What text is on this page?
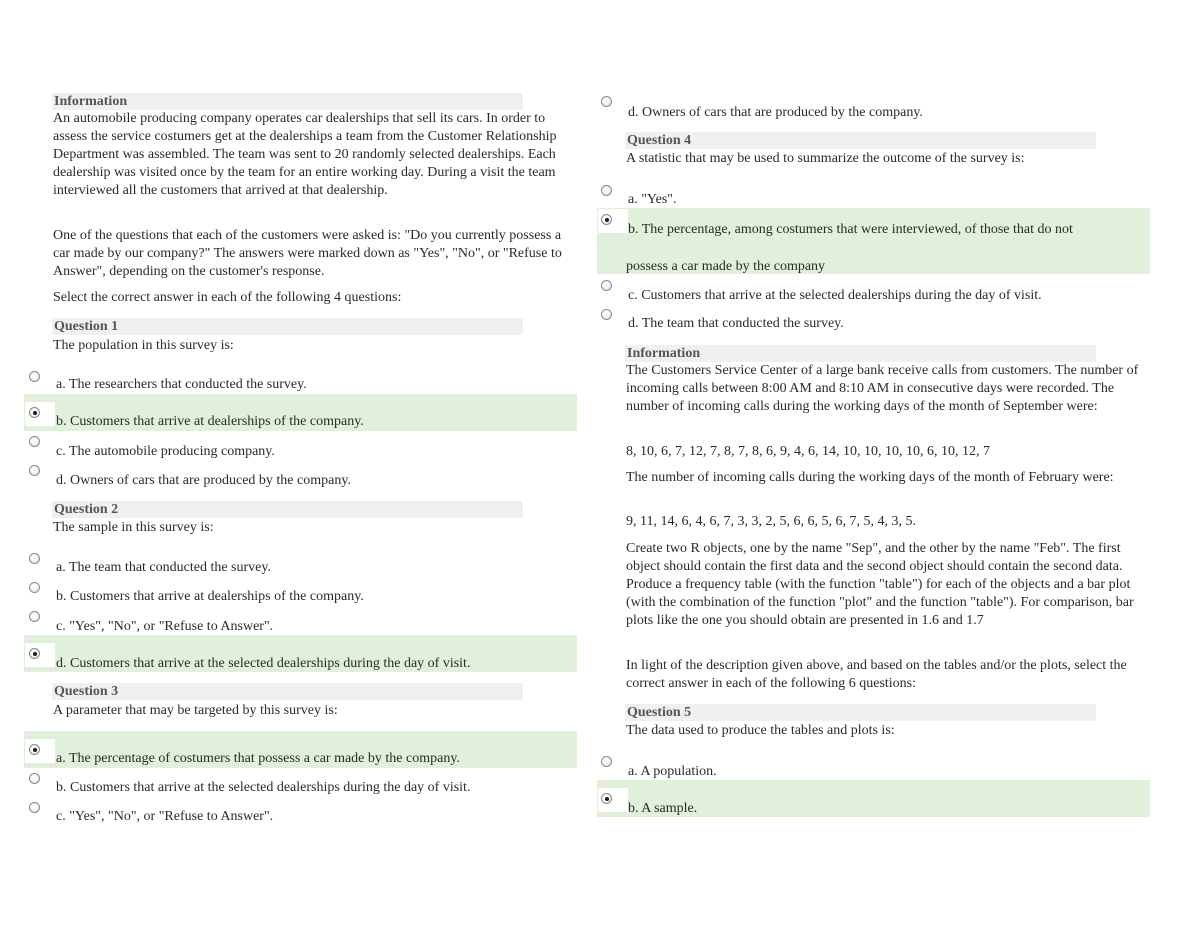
Information
An automobile producing company operates car dealerships that sell its cars. In order to assess the service costumers get at the dealerships a team from the Customer Relationship Department was assembled. The team was sent to 20 randomly selected dealerships. Each dealership was visited once by the team for an entire working day. During a visit the team interviewed all the customers that arrived at that dealership.
One of the questions that each of the customers were asked is: "Do you currently possess a car made by our company?" The answers were marked down as "Yes", "No", or "Refuse to Answer", depending on the customer's response.
Select the correct answer in each of the following 4 questions:
Question 1
The population in this survey is:
a. The researchers that conducted the survey.
b. Customers that arrive at dealerships of the company.
c. The automobile producing company.
d. Owners of cars that are produced by the company.
Question 2
The sample in this survey is:
a. The team that conducted the survey.
b. Customers that arrive at dealerships of the company.
c. "Yes", "No", or "Refuse to Answer".
d. Customers that arrive at the selected dealerships during the day of visit.
Question 3
A parameter that may be targeted by this survey is:
a. The percentage of costumers that possess a car made by the company.
b. Customers that arrive at the selected dealerships during the day of visit.
c. "Yes", "No", or "Refuse to Answer".
d. Owners of cars that are produced by the company.
Question 4
A statistic that may be used to summarize the outcome of the survey is:
a. "Yes".
b. The percentage, among costumers that were interviewed, of those that do not
possess a car made by the company
c. Customers that arrive at the selected dealerships during the day of visit.
d. The team that conducted the survey.
Information
The Customers Service Center of a large bank receive calls from customers. The number of incoming calls between 8:00 AM and 8:10 AM in consecutive days were recorded. The number of incoming calls during the working days of the month of September were:
8, 10, 6, 7, 12, 7, 8, 7, 8, 6, 9, 4, 6, 14, 10, 10, 10, 10, 6, 10, 12, 7
The number of incoming calls during the working days of the month of February were:
9, 11, 14, 6, 4, 6, 7, 3, 3, 2, 5, 6, 6, 5, 6, 7, 5, 4, 3, 5.
Create two R objects, one by the name "Sep", and the other by the name "Feb". The first object should contain the first data and the second object should contain the second data. Produce a frequency table (with the function "table") for each of the objects and a bar plot (with the combination of the function "plot" and the function "table"). For comparison, bar plots like the one you should obtain are presented in 1.6 and 1.7
In light of the description given above, and based on the tables and/or the plots, select the correct answer in each of the following 6 questions:
Question 5
The data used to produce the tables and plots is:
a. A population.
b. A sample.
